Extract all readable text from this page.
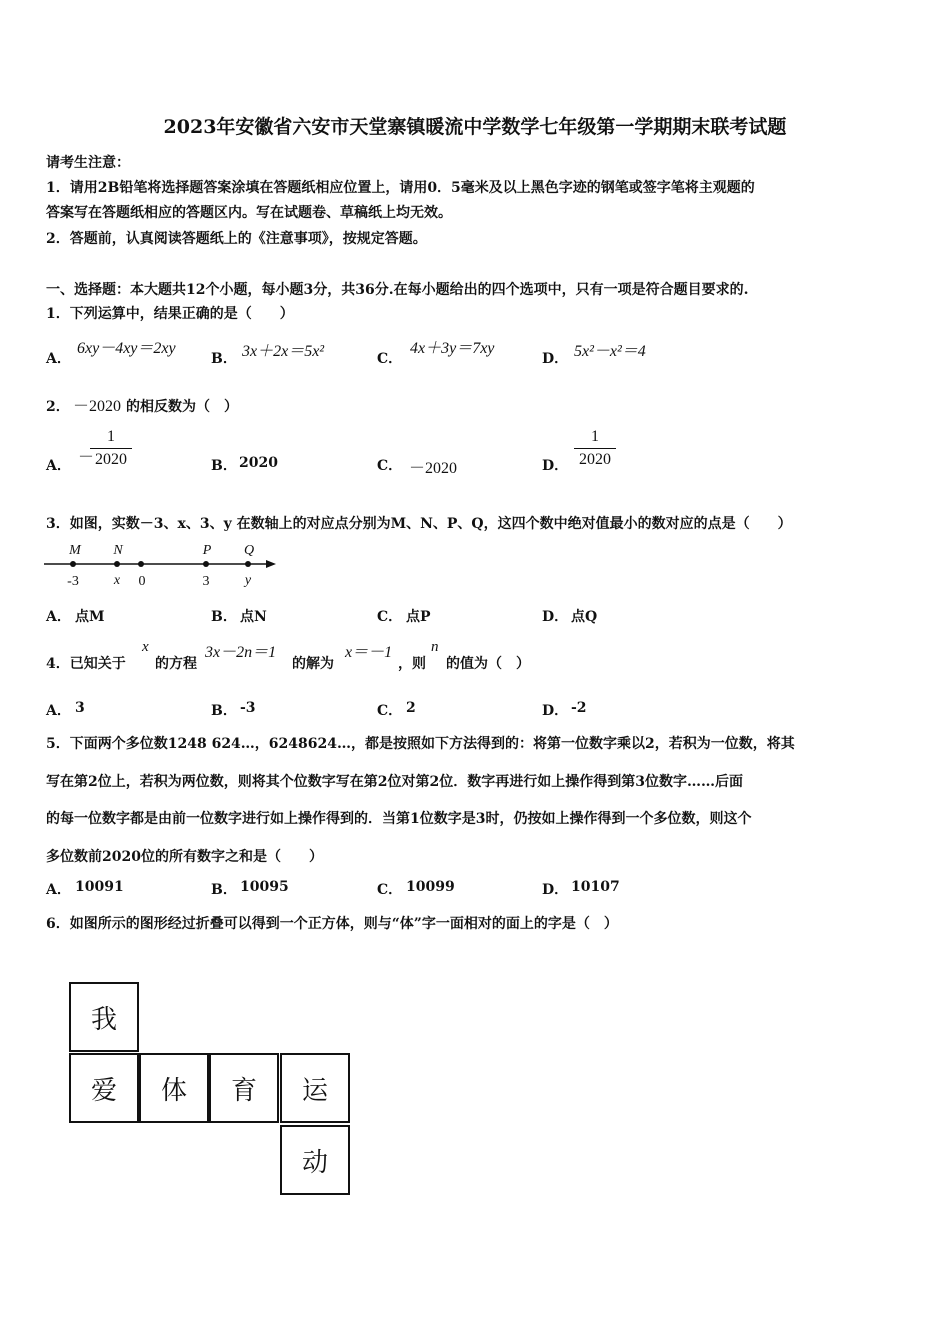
2023年安徽省六安市天堂寨镇暖流中学数学七年级第一学期期末联考试题
请考生注意：
1．请用2B铅笔将选择题答案涂填在答题纸相应位置上，请用0．5毫米及以上黑色字迹的钢笔或签字笔将主观题的
答案写在答题纸相应的答题区内。写在试题卷、草稿纸上均无效。
2．答题前，认真阅读答题纸上的《注意事项》，按规定答题。
一、选择题：本大题共12个小题，每小题3分，共36分.在每小题给出的四个选项中，只有一项是符合题目要求的.
1．下列运算中，结果正确的是（　　）
A．
6xy－4xy＝2xy
B． 3x＋2x＝5x²	C．
4x＋3y＝7xy
D． 5x²－x²＝4
2． －2020 的相反数为（　）
A． －
1
2020	B． 2020	C． －2020	D．
1
2020
3．如图，实数－3、x、3、y 在数轴上的对应点分别为M、N、P、Q，这四个数中绝对值最小的数对应的点是（　　）
M N	P Q
-3	x 0	3	y
A． 点M	B． 点N	C． 点P	D． 点Q
4．已知关于
x
的方程
3x－2n＝1
的解为
x＝－1
，则
n
的值为（　）
A． 3	B． -3	C． 2	D． -2
5．下面两个多位数1248 624…，6248624…，都是按照如下方法得到的：将第一位数字乘以2，若积为一位数，将其
写在第2位上，若积为两位数，则将其个位数字写在第2位对第2位．数字再进行如上操作得到第3位数字……后面
的每一位数字都是由前一位数字进行如上操作得到的．当第1位数字是3时，仍按如上操作得到一个多位数，则这个
多位数前2020位的所有数字之和是（　　）
A． 10091	B． 10095	C． 10099	D． 10107
6．如图所示的图形经过折叠可以得到一个正方体，则与“体”字一面相对的面上的字是（　）
我
爱	体	育	运
动
